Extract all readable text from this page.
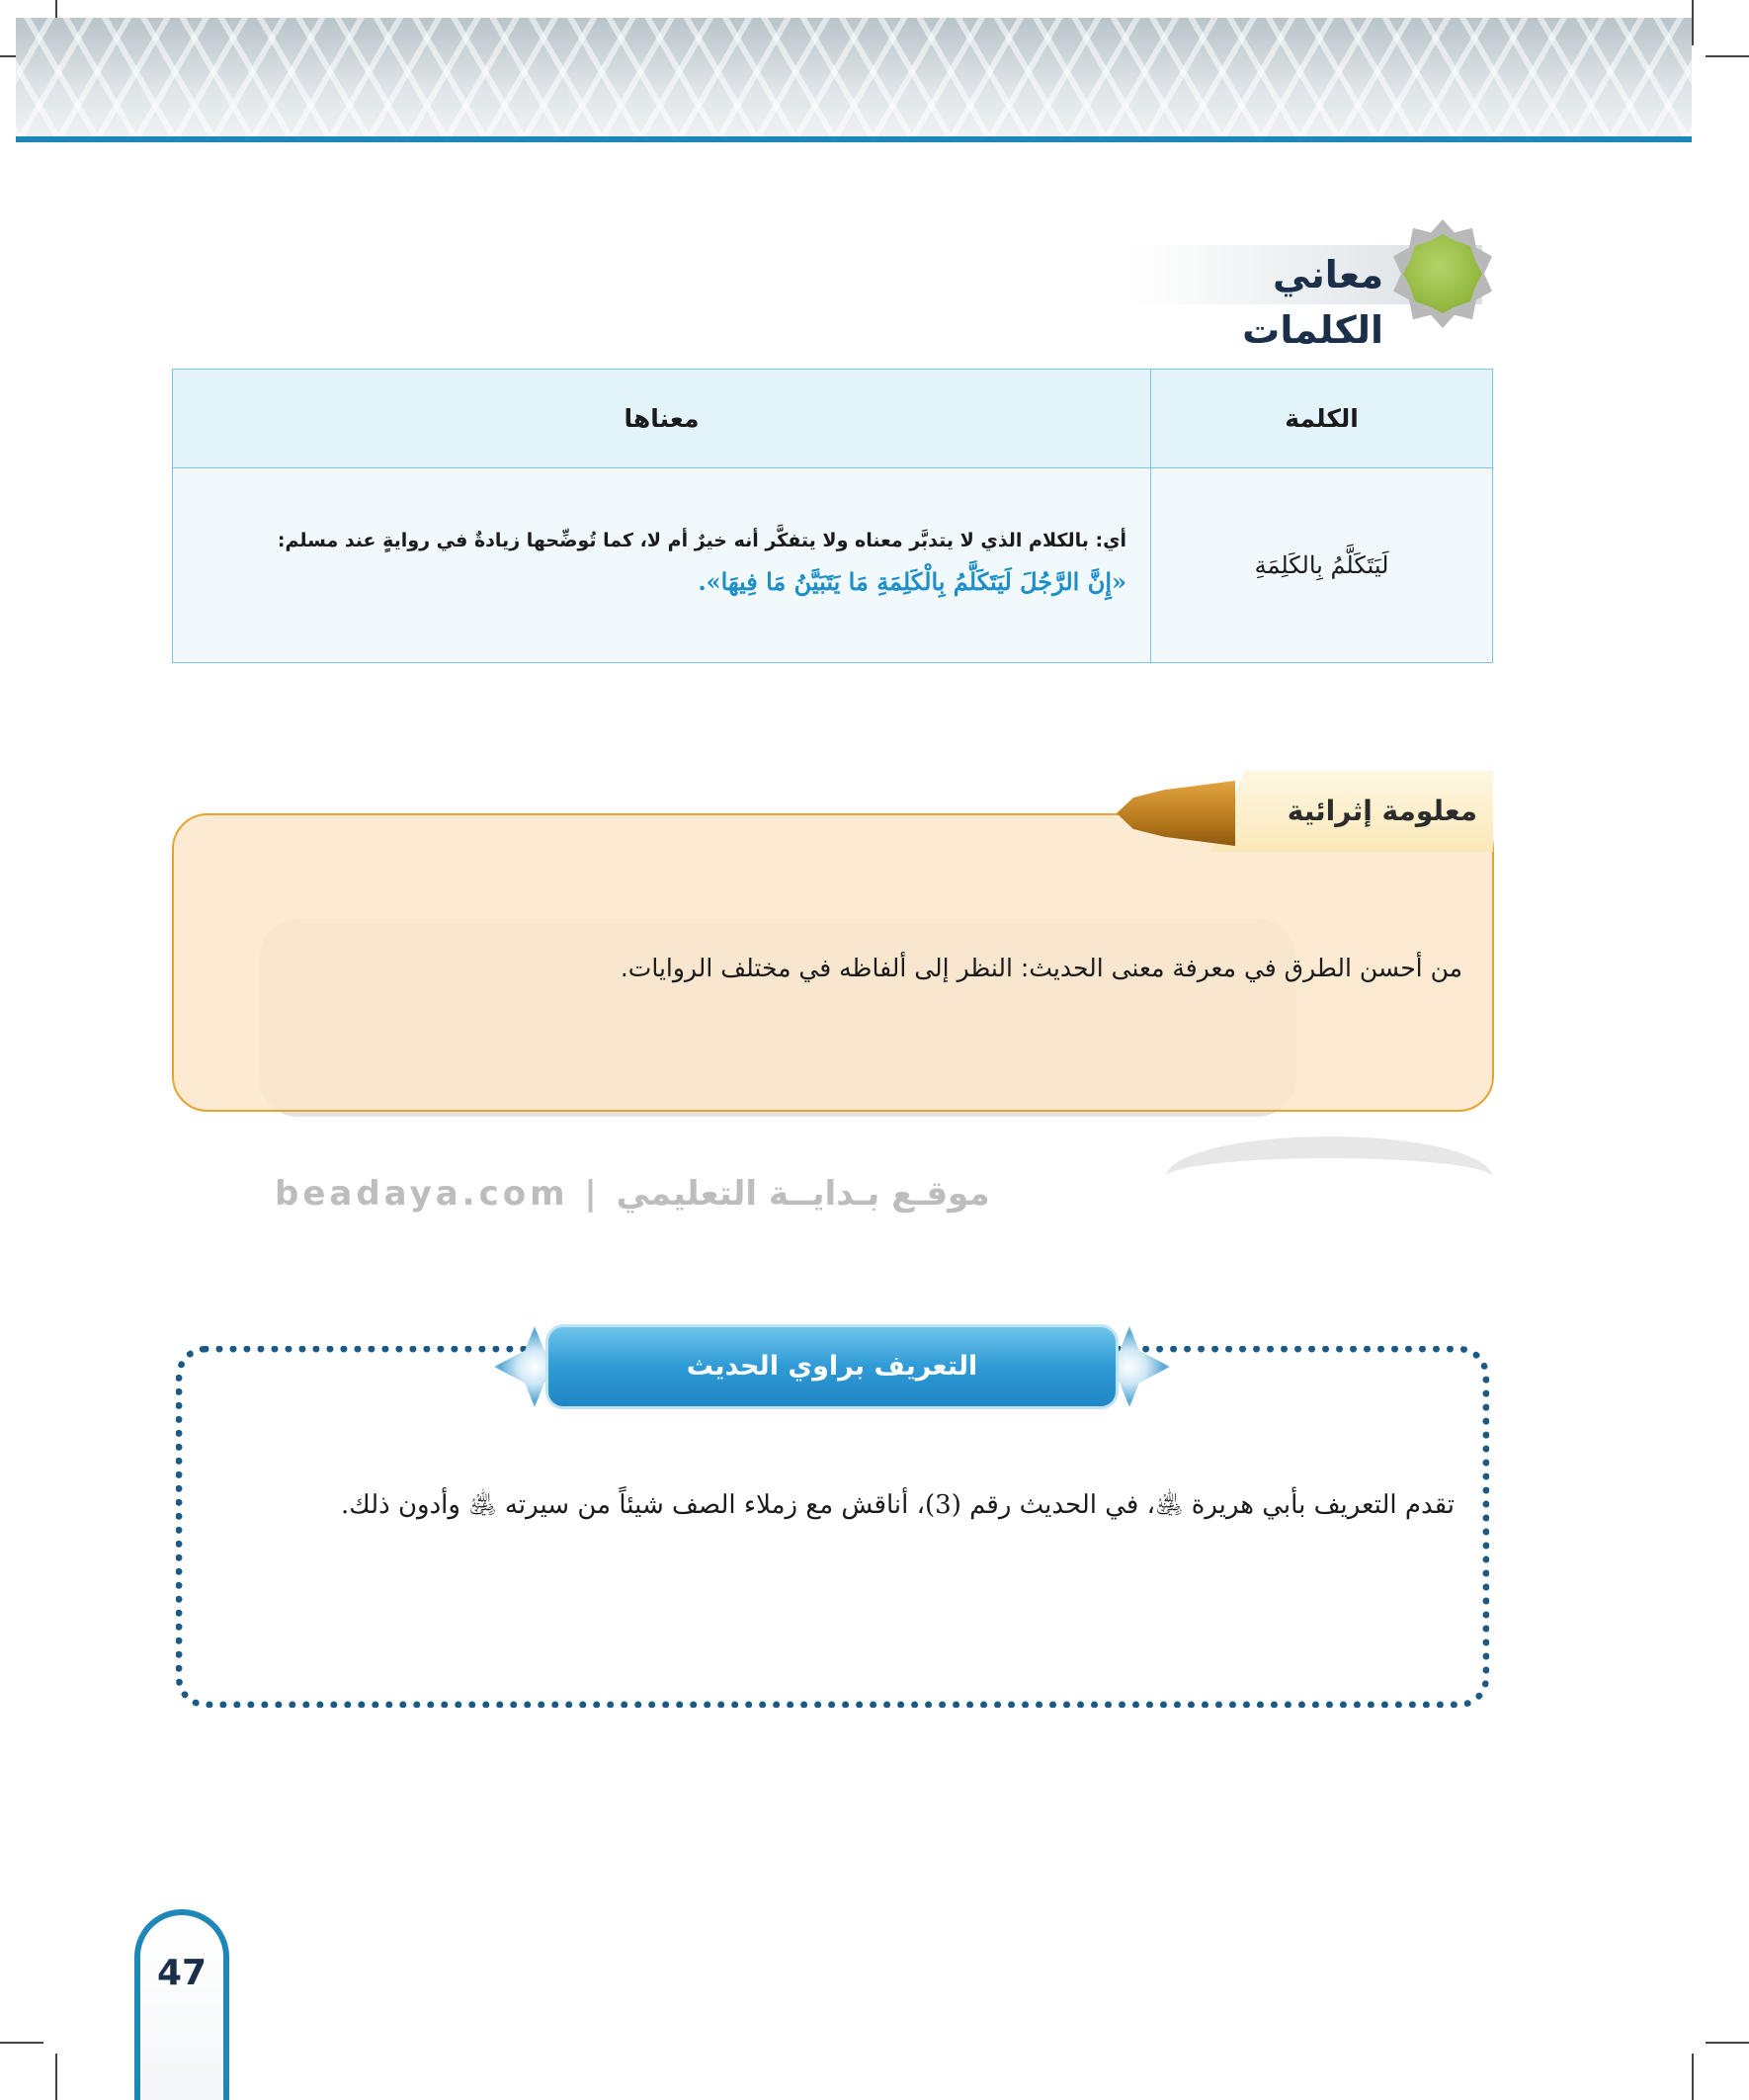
معاني الكلمات
الكلمة	معناها
لَيَتَكَلَّمُ بِالكَلِمَةِ	أي: بالكلام الذي لا يتدبَّر معناه ولا يتفكَّر أنه خيرٌ أم لا، كما تُوضِّحها زيادةٌ في روايةٍ عند مسلم:
«إِنَّ الرَّجُلَ لَيَتَكَلَّمُ بِالْكَلِمَةِ مَا يَتَبَيَّنُ مَا فِيهَا».
معلومة إثرائية
من أحسن الطرق في معرفة معنى الحديث: النظر إلى ألفاظه في مختلف الروايات.
beadaya.com | موقـع بـدايــة التعليمي
التعريف براوي الحديث
تقدم التعريف بأبي هريرة ﵁، في الحديث رقم (3)، أناقش مع زملاء الصف شيئاً من سيرته ﵁ وأدون ذلك.
47
